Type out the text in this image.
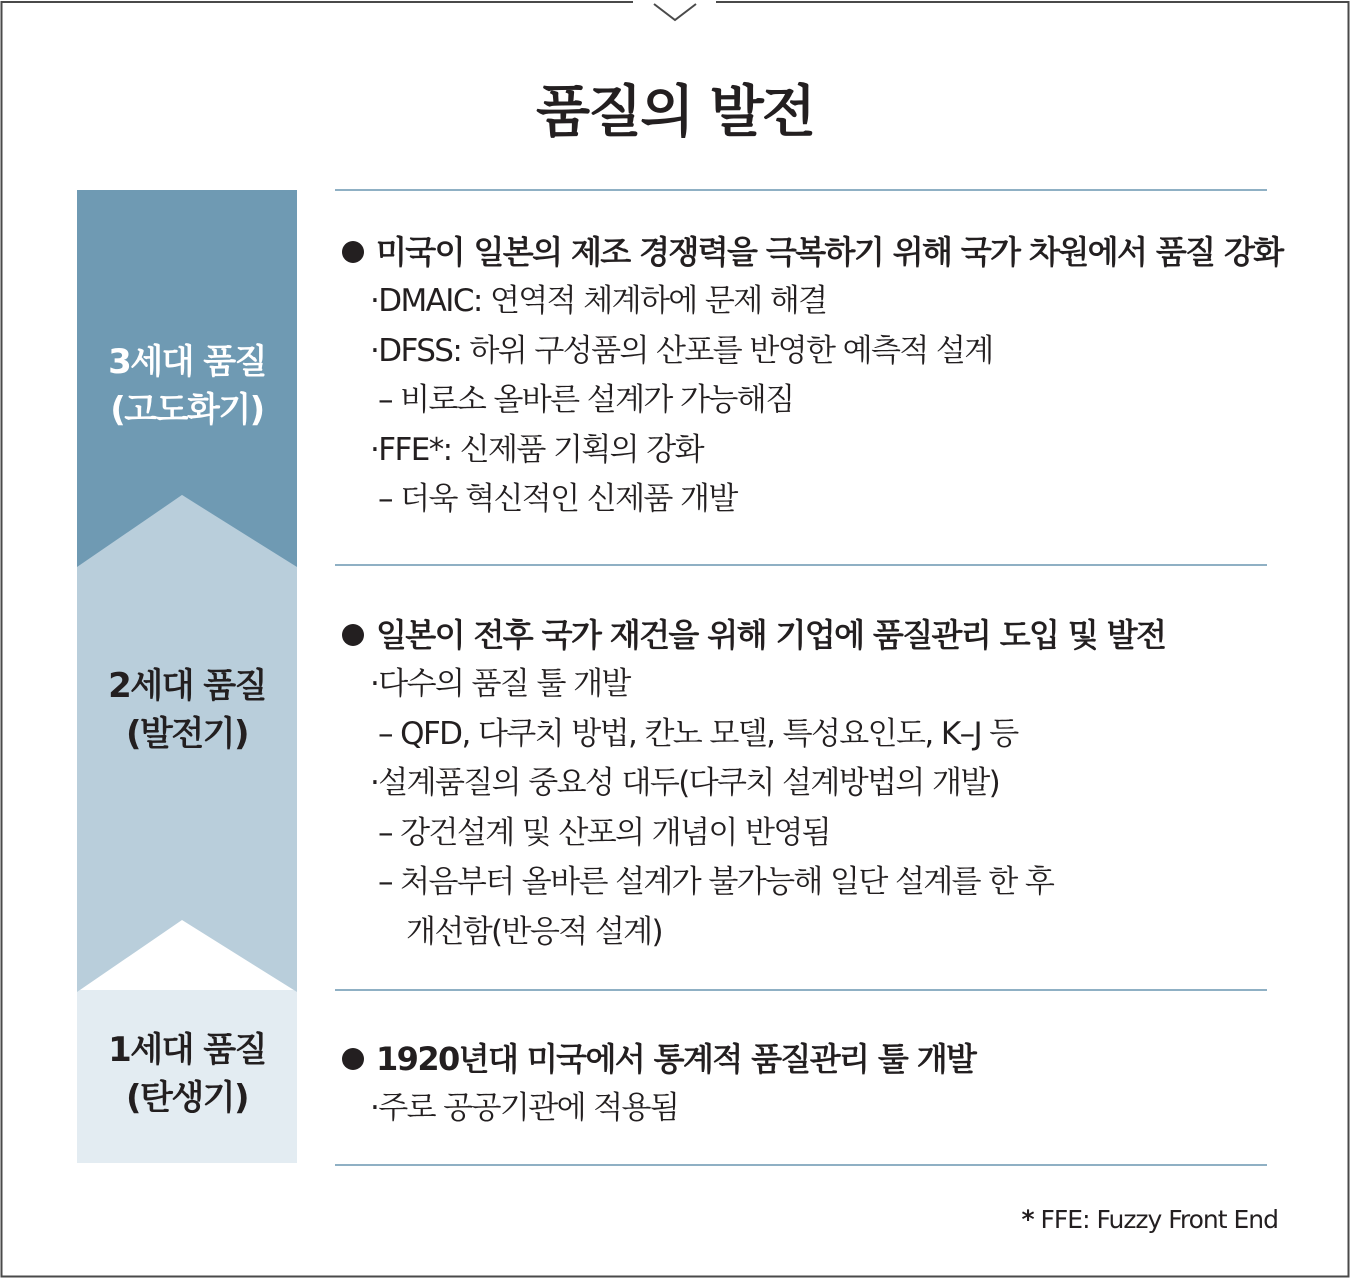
품질의 발전
3세대 품질
(고도화기)
2세대 품질
(발전기)
1세대 품질
(탄생기)
미국이 일본의 제조 경쟁력을 극복하기 위해 국가 차원에서 품질 강화
·DMAIC: 연역적 체계하에 문제 해결
·DFSS: 하위 구성품의 산포를 반영한 예측적 설계
– 비로소 올바른 설계가 가능해짐
·FFE*: 신제품 기획의 강화
– 더욱 혁신적인 신제품 개발
일본이 전후 국가 재건을 위해 기업에 품질관리 도입 및 발전
·다수의 품질 툴 개발
– QFD, 다쿠치 방법, 칸노 모델, 특성요인도, K–J 등
·설계품질의 중요성 대두(다쿠치 설계방법의 개발)
– 강건설계 및 산포의 개념이 반영됨
– 처음부터 올바른 설계가 불가능해 일단 설계를 한 후
개선함(반응적 설계)
1920년대 미국에서 통계적 품질관리 툴 개발
·주로 공공기관에 적용됨
* FFE: Fuzzy Front End
